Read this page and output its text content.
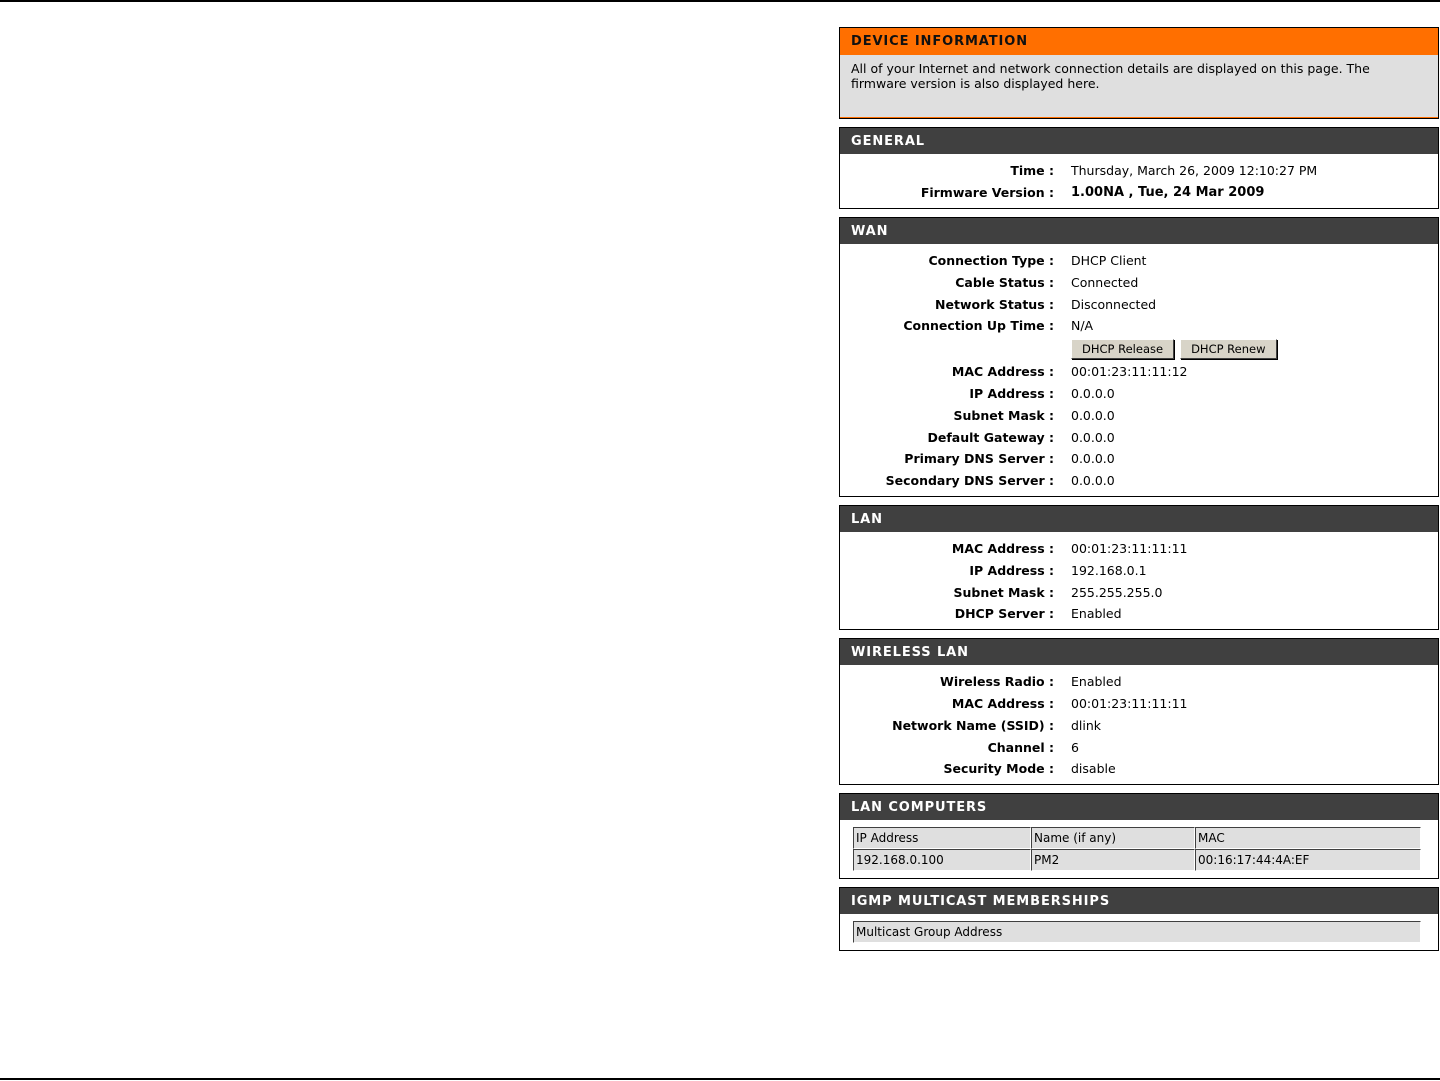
DEVICE INFORMATION
All of your Internet and network connection details are displayed on this page. The firmware version is also displayed here.
GENERAL
Time : Thursday, March 26, 2009 12:10:27 PM
Firmware Version : 1.00NA , Tue, 24 Mar 2009
WAN
Connection Type : DHCP Client
Cable Status : Connected
Network Status : Disconnected
Connection Up Time : N/A
DHCP Release	DHCP Renew
MAC Address : 00:01:23:11:11:12
IP Address : 0.0.0.0
Subnet Mask : 0.0.0.0
Default Gateway : 0.0.0.0
Primary DNS Server : 0.0.0.0
Secondary DNS Server : 0.0.0.0
LAN
MAC Address : 00:01:23:11:11:11
IP Address : 192.168.0.1
Subnet Mask : 255.255.255.0
DHCP Server : Enabled
WIRELESS LAN
Wireless Radio : Enabled
MAC Address : 00:01:23:11:11:11
Network Name (SSID) : dlink
Channel : 6
Security Mode : disable
LAN COMPUTERS
IP Address	Name (if any)	MAC
192.168.0.100	PM2	00:16:17:44:4A:EF
IGMP MULTICAST MEMBERSHIPS
Multicast Group Address
